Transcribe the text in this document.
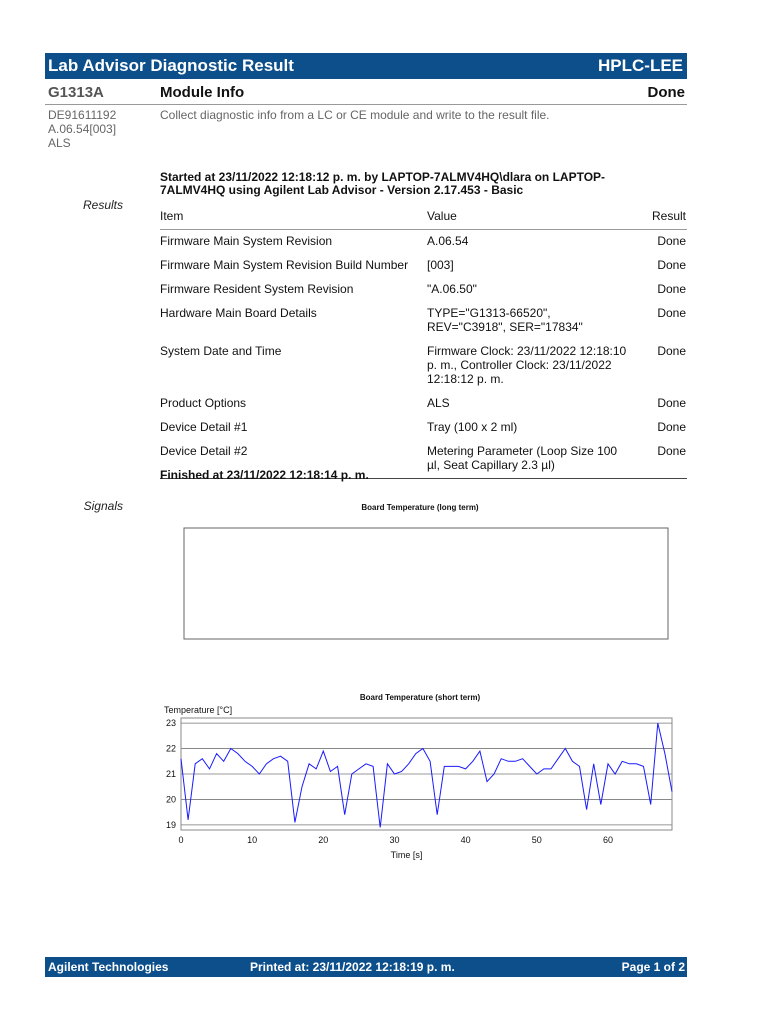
Lab Advisor Diagnostic Result	HPLC-LEE
G1313A	Module Info	Done
DE91611192
A.06.54[003]
ALS
Collect diagnostic info from a LC or CE module and write to the result file.
Started at 23/11/2022 12:18:12 p. m. by LAPTOP-7ALMV4HQ\dlara on LAPTOP-7ALMV4HQ using Agilent Lab Advisor - Version 2.17.453 - Basic
Results
Item	Value	Result
Firmware Main System Revision	A.06.54	Done
Firmware Main System Revision Build Number	[003]	Done
Firmware Resident System Revision	"A.06.50"	Done
Hardware Main Board Details	TYPE="G1313-66520", REV="C3918", SER="17834"	Done
System Date and Time	Firmware Clock: 23/11/2022 12:18:10 p. m., Controller Clock: 23/11/2022 12:18:12 p. m.	Done
Product Options	ALS	Done
Device Detail #1	Tray (100 x 2 ml)	Done
Device Detail #2	Metering Parameter (Loop Size 100 µl, Seat Capillary 2.3 µl)	Done
Finished at 23/11/2022 12:18:14 p. m.
Signals	Board Temperature (long term)
Board Temperature (short term)
Temperature [°C]
19
20
21
22
23
0	10	20	30	40	50	60
Time [s]
Agilent Technologies	Printed at: 23/11/2022 12:18:19 p. m.	Page 1 of 2
